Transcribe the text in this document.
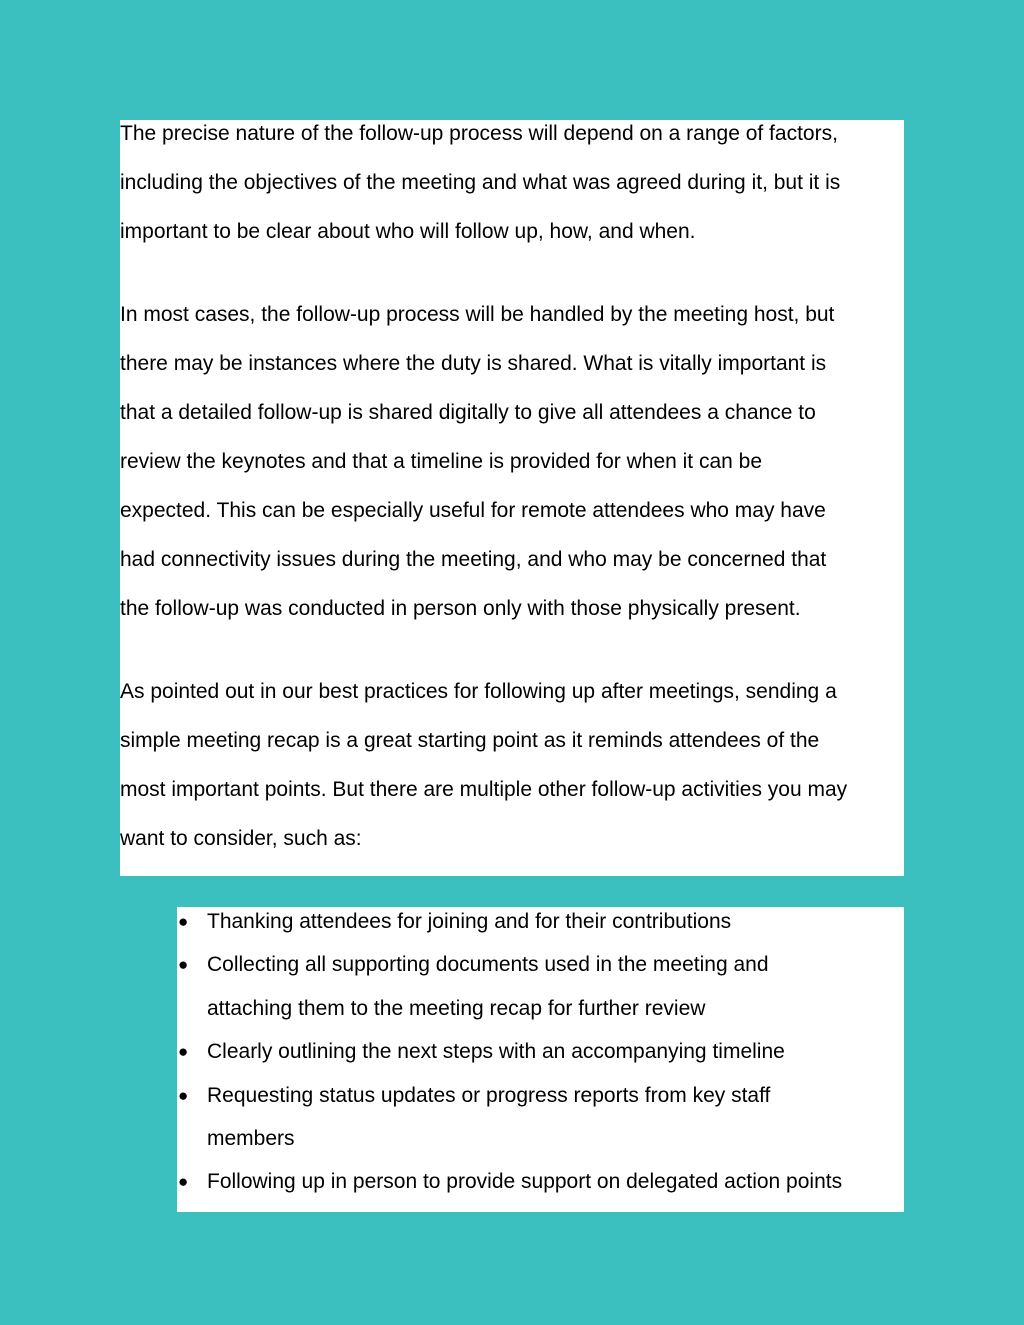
The precise nature of the follow-up process will depend on a range of factors,
including the objectives of the meeting and what was agreed during it, but it is
important to be clear about who will follow up, how, and when.

In most cases, the follow-up process will be handled by the meeting host, but
there may be instances where the duty is shared. What is vitally important is
that a detailed follow-up is shared digitally to give all attendees a chance to
review the keynotes and that a timeline is provided for when it can be
expected. This can be especially useful for remote attendees who may have
had connectivity issues during the meeting, and who may be concerned that
the follow-up was conducted in person only with those physically present.

As pointed out in our best practices for following up after meetings, sending a
simple meeting recap is a great starting point as it reminds attendees of the
most important points. But there are multiple other follow-up activities you may
want to consider, such as:

● Thanking attendees for joining and for their contributions
● Collecting all supporting documents used in the meeting and
attaching them to the meeting recap for further review
● Clearly outlining the next steps with an accompanying timeline
● Requesting status updates or progress reports from key staff
members
● Following up in person to provide support on delegated action points
